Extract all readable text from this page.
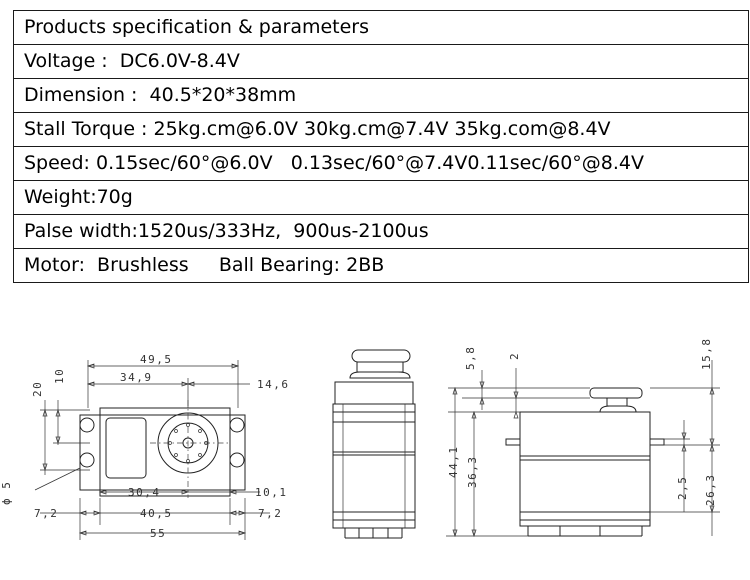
Products specification & parameters
Voltage :  DC6.0V-8.4V
Dimension :  40.5*20*38mm
Stall Torque : 25kg.cm@6.0V 30kg.cm@7.4V 35kg.com@8.4V
Speed: 0.15sec/60°@6.0V   0.13sec/60°@7.4V0.11sec/60°@8.4V
Weight:70g
Palse width:1520us/333Hz,  900us-2100us
Motor:  Brushless     Ball Bearing: 2BB
49,5
34,9
14,6
20
10
ϕ 5	30,4	10,1
7,2	40,5	7,2
55
5,8	2	15,8
44,1 36,3	2,5 26,3
